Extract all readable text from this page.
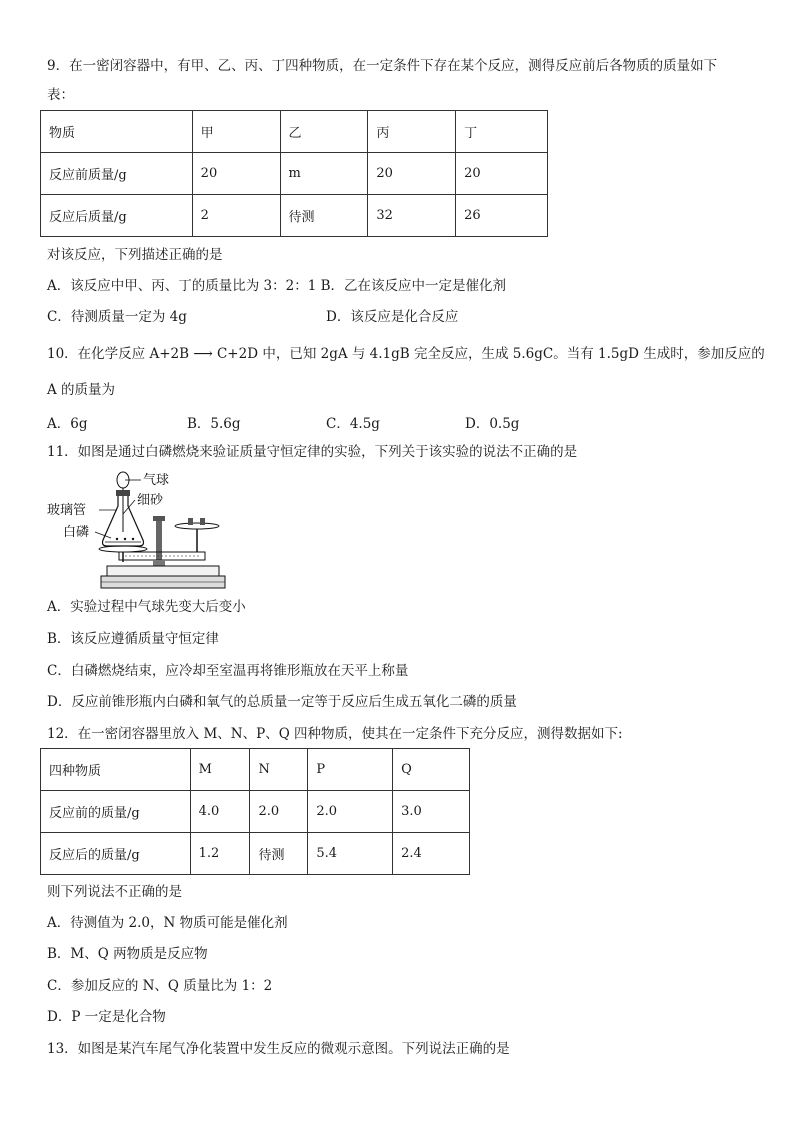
9．在一密闭容器中，有甲、乙、丙、丁四种物质，在一定条件下存在某个反应，测得反应前后各物质的质量如下
表：
物质	甲	乙	丙	丁
反应前质量/g	20	m	20	20
反应后质量/g	2	待测	32	26
对该反应，下列描述正确的是
A．该反应中甲、丙、丁的质量比为 3：2：1 B．乙在该反应中一定是催化剂
C．待测质量一定为 4g	D．该反应是化合反应
10．在化学反应 A+2B ⟶ C+2D 中，已知 2gA 与 4.1gB 完全反应，生成 5.6gC。当有 1.5gD 生成时，参加反应的
A 的质量为
A．6g	B．5.6g	C．4.5g	D．0.5g
11．如图是通过白磷燃烧来验证质量守恒定律的实验，下列关于该实验的说法不正确的是
气球
细砂
玻璃管
白磷
A．实验过程中气球先变大后变小
B．该反应遵循质量守恒定律
C．白磷燃烧结束，应冷却至室温再将锥形瓶放在天平上称量
D．反应前锥形瓶内白磷和氧气的总质量一定等于反应后生成五氧化二磷的质量
12．在一密闭容器里放入 M、N、P、Q 四种物质，使其在一定条件下充分反应，测得数据如下:
四种物质	M	N	P	Q
反应前的质量/g	4.0	2.0	2.0	3.0
反应后的质量/g	1.2	待测	5.4	2.4
则下列说法不正确的是
A．待测值为 2.0，N 物质可能是催化剂
B．M、Q 两物质是反应物
C．参加反应的 N、Q 质量比为 1：2
D．P 一定是化合物
13．如图是某汽车尾气净化装置中发生反应的微观示意图。下列说法正确的是
